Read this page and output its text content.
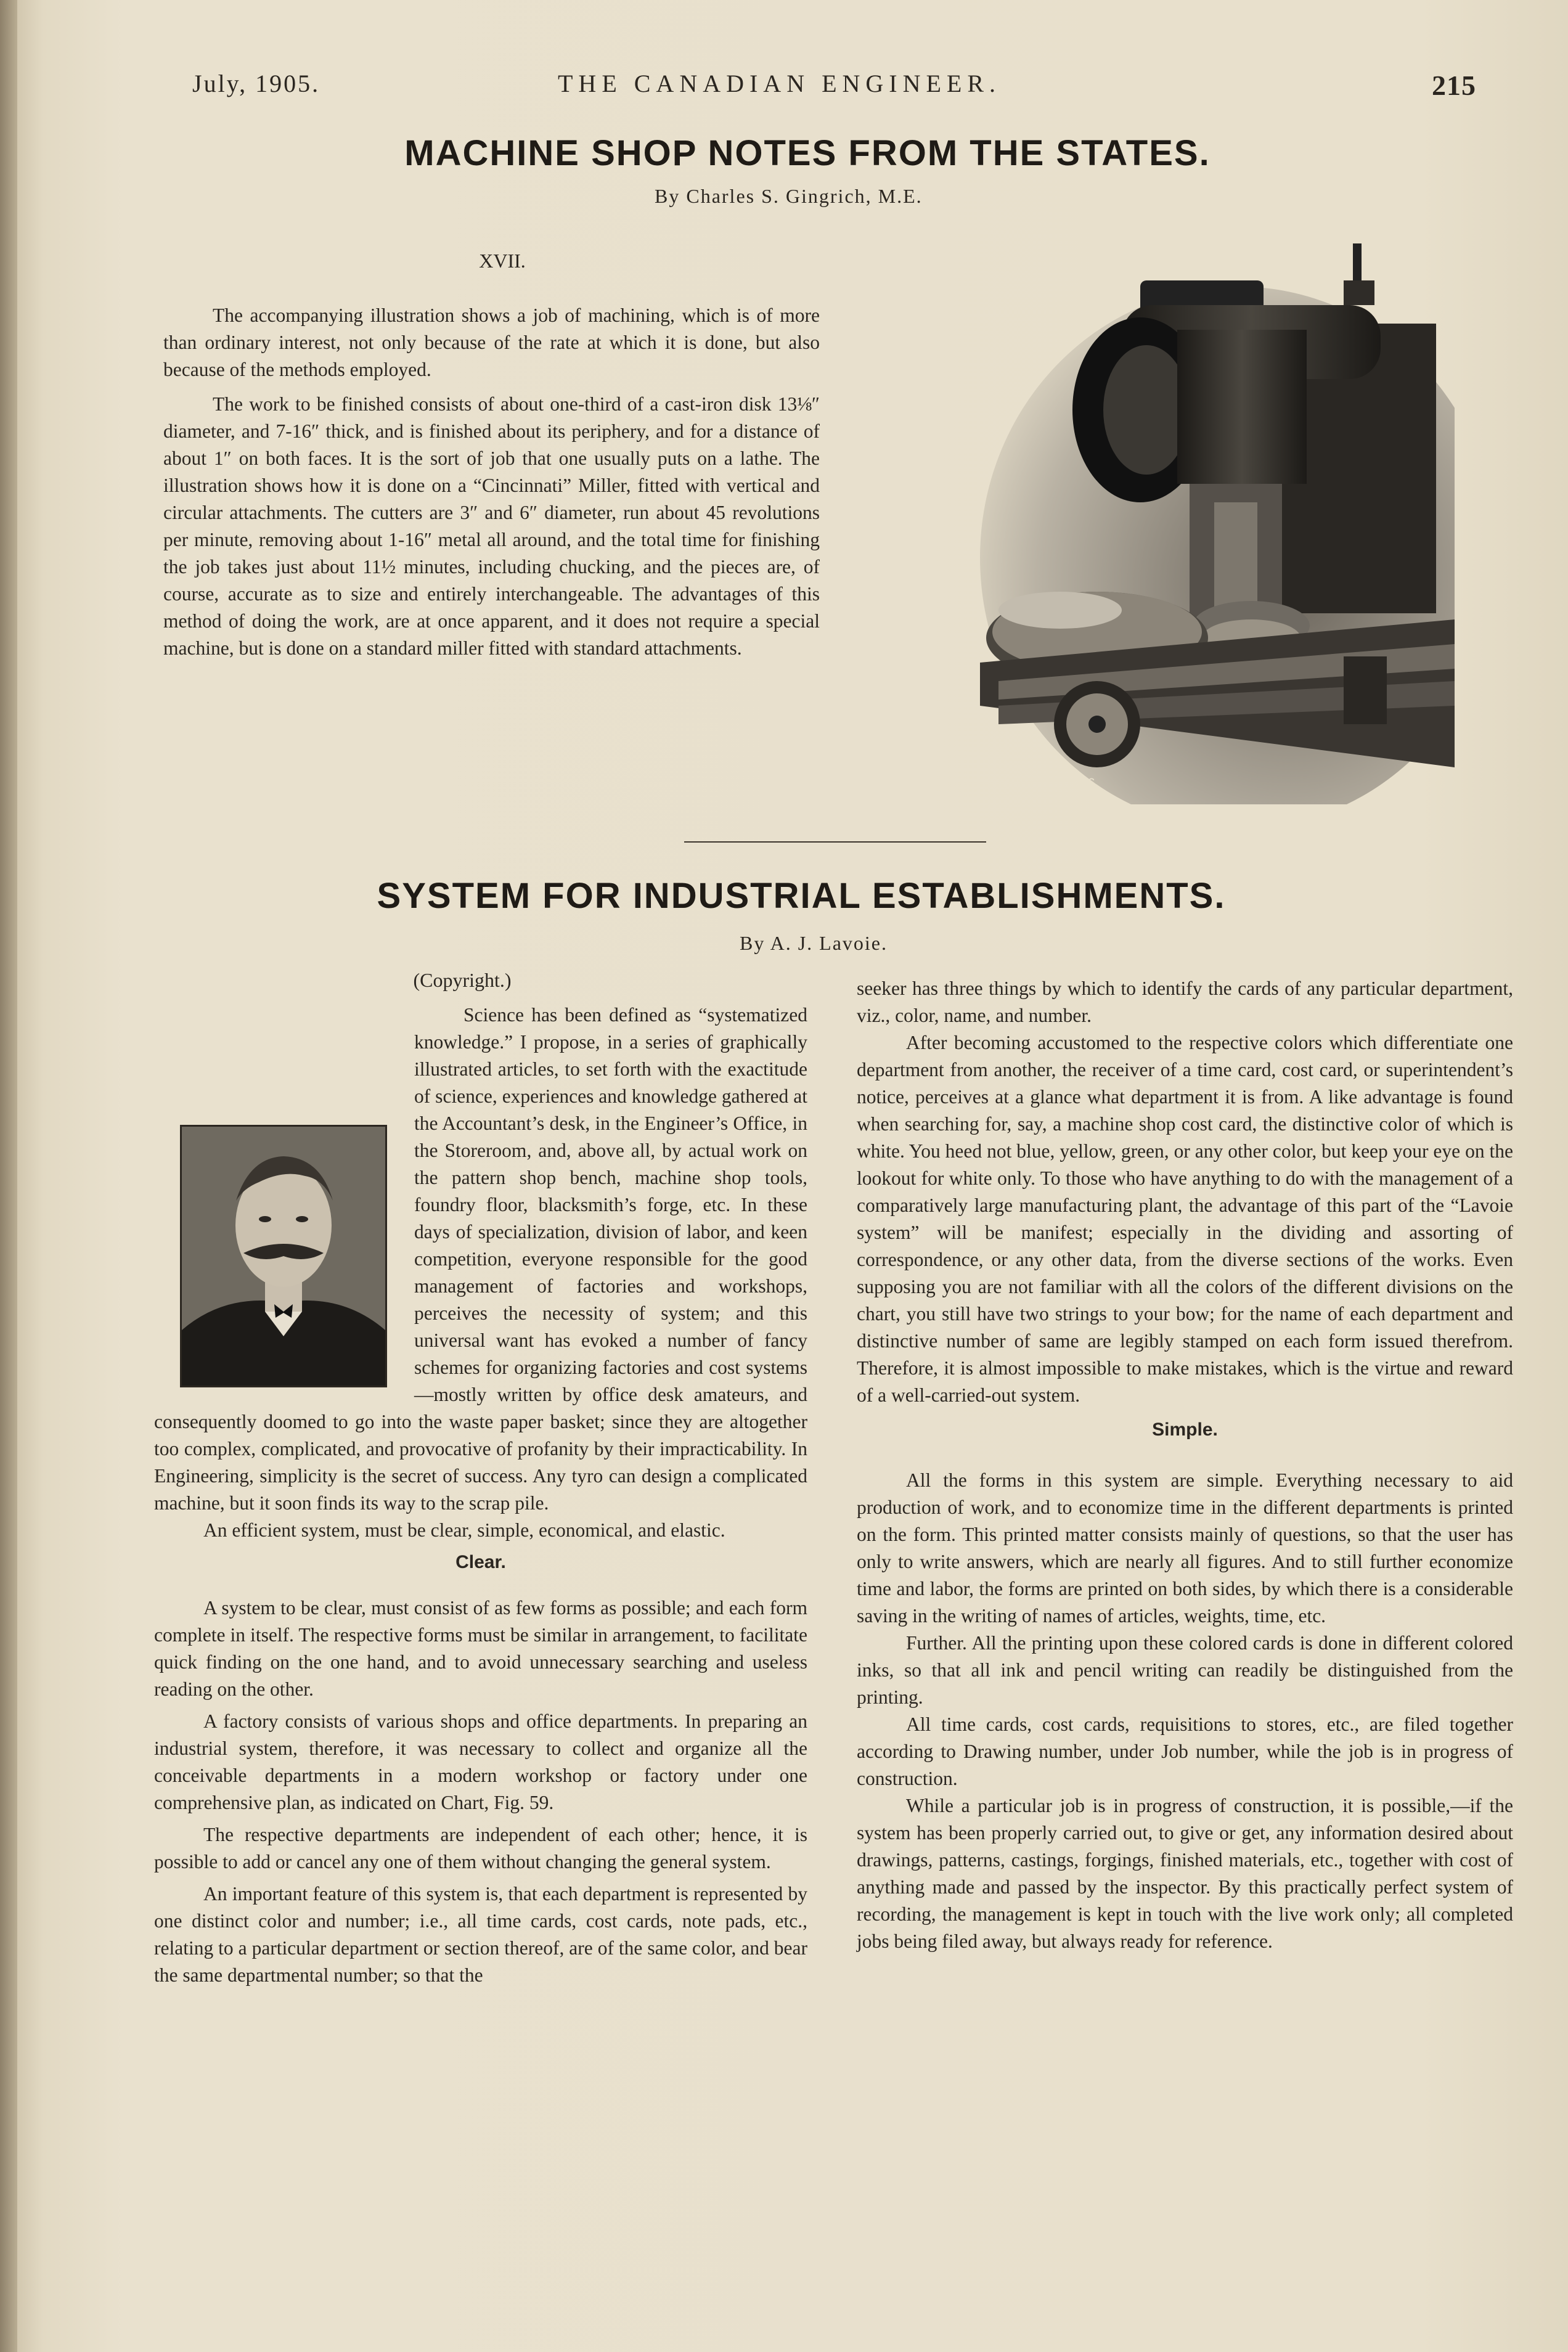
July, 1905.	THE CANADIAN ENGINEER.	215
MACHINE SHOP NOTES FROM THE STATES.
By Charles S. Gingrich, M.E.
XVII.

The accompanying illustration shows a job of machining, which is of more than ordinary interest, not only because of the rate at which it is done, but also because of the methods employed.

The work to be finished consists of about one-third of a cast-iron disk 13⅛″ diameter, and 7-16″ thick, and is finished about its periphery, and for a distance of about 1″ on both faces. It is the sort of job that one usually puts on a lathe. The illustration shows how it is done on a “Cincinnati” Miller, fitted with vertical and circular attachments. The cutters are 3″ and 6″ diameter, run about 45 revolutions per minute, removing about 1-16″ metal all around, and the total time for finishing the job takes just about 11½ minutes, including chucking, and the pieces are, of course, accurate as to size and entirely interchangeable. The advantages of this method of doing the work, are at once apparent, and it does not require a special machine, but is done on a standard miller fitted with standard attachments.

286
SYSTEM FOR INDUSTRIAL ESTABLISHMENTS.
By A. J. Lavoie.
(Copyright.)

Science has been defined as “systematized knowledge.” I propose, in a series of graphically illustrated articles, to set forth with the exactitude of science, experiences and knowledge gathered at the Accountant’s desk, in the Engineer’s Office, in the Storeroom, and, above all, by actual work on the pattern shop bench, machine shop tools, foundry floor, blacksmith’s forge, etc. In these days of specialization, division of labor, and keen competition, everyone responsible for the good management of factories and workshops, perceives the necessity of system; and this universal want has evoked a number of fancy schemes for organizing factories and cost systems—mostly written by office desk amateurs, and consequently doomed to go into the waste paper basket; since they are altogether too complex, complicated, and provocative of profanity by their impracticability. In Engineering, simplicity is the secret of success. Any tyro can design a complicated machine, but it soon finds its way to the scrap pile.

An efficient system, must be clear, simple, economical, and elastic.

Clear.

A system to be clear, must consist of as few forms as possible; and each form complete in itself. The respective forms must be similar in arrangement, to facilitate quick finding on the one hand, and to avoid unnecessary searching and useless reading on the other.

A factory consists of various shops and office departments. In preparing an industrial system, therefore, it was necessary to collect and organize all the conceivable departments in a modern workshop or factory under one comprehensive plan, as indicated on Chart, Fig. 59.

The respective departments are independent of each other; hence, it is possible to add or cancel any one of them without changing the general system.

An important feature of this system is, that each department is represented by one distinct color and number; i.e., all time cards, cost cards, note pads, etc., relating to a particular department or section thereof, are of the same color, and bear the same departmental number; so that the

seeker has three things by which to identify the cards of any particular department, viz., color, name, and number.

After becoming accustomed to the respective colors which differentiate one department from another, the receiver of a time card, cost card, or superintendent’s notice, perceives at a glance what department it is from. A like advantage is found when searching for, say, a machine shop cost card, the distinctive color of which is white. You heed not blue, yellow, green, or any other color, but keep your eye on the lookout for white only. To those who have anything to do with the management of a comparatively large manufacturing plant, the advantage of this part of the “Lavoie system” will be manifest; especially in the dividing and assorting of correspondence, or any other data, from the diverse sections of the works. Even supposing you are not familiar with all the colors of the different divisions on the chart, you still have two strings to your bow; for the name of each department and distinctive number of same are legibly stamped on each form issued therefrom. Therefore, it is almost impossible to make mistakes, which is the virtue and reward of a well-carried-out system.

Simple.

All the forms in this system are simple. Everything necessary to aid production of work, and to economize time in the different departments is printed on the form. This printed matter consists mainly of questions, so that the user has only to write answers, which are nearly all figures. And to still further economize time and labor, the forms are printed on both sides, by which there is a considerable saving in the writing of names of articles, weights, time, etc.

Further. All the printing upon these colored cards is done in different colored inks, so that all ink and pencil writing can readily be distinguished from the printing.

All time cards, cost cards, requisitions to stores, etc., are filed together according to Drawing number, under Job number, while the job is in progress of construction.

While a particular job is in progress of construction, it is possible,—if the system has been properly carried out, to give or get, any information desired about drawings, patterns, castings, forgings, finished materials, etc., together with cost of anything made and passed by the inspector. By this practically perfect system of recording, the management is kept in touch with the live work only; all completed jobs being filed away, but always ready for reference.
